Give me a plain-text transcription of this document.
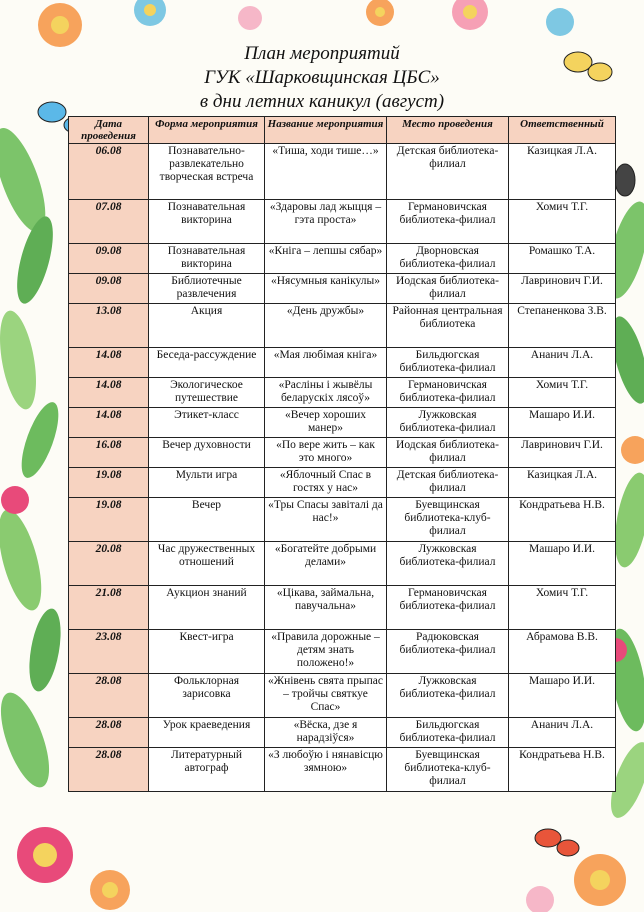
План мероприятий
ГУК «Шарковщинская ЦБС»
в дни летних каникул (август)
Дата проведения	Форма мероприятия	Название мероприятия	Место проведения	Ответственный
06.08	Познавательно-развлекательно творческая встреча	«Тиша, ходи тише…»	Детская библиотека-филиал	Казицкая Л.А.
07.08	Познавательная викторина	«Здаровы лад жыцця – гэта проста»	Германовичская библиотека-филиал	Хомич Т.Г.
09.08	Познавательная викторина	«Кніга – лепшы сябар»	Дворновская библиотека-филиал	Ромашко Т.А.
09.08	Библиотечные развлечения	«Нясумныя канікулы»	Иодская библиотека-филиал	Лавринович Г.И.
13.08	Акция	«День дружбы»	Районная центральная библиотека	Степаненкова З.В.
14.08	Беседа-рассуждение	«Мая любімая кніга»	Бильдюгская библиотека-филиал	Ананич Л.А.
14.08	Экологическое путешествие	«Расліны і жывёлы беларускіх лясоў»	Германовичская библиотека-филиал	Хомич Т.Г.
14.08	Этикет-класс	«Вечер хороших манер»	Лужковская библиотека-филиал	Машаро И.И.
16.08	Вечер духовности	«По вере жить – как это много»	Иодская библиотека-филиал	Лавринович Г.И.
19.08	Мульти игра	«Яблочный Спас в гостях у нас»	Детская библиотека-филиал	Казицкая Л.А.
19.08	Вечер	«Тры Спасы завіталі да нас!»	Буевщинская библиотека-клуб-филиал	Кондратьева Н.В.
20.08	Час дружественных отношений	«Богатейте добрыми делами»	Лужковская библиотека-филиал	Машаро И.И.
21.08	Аукцион знаний	«Цікава, займальна, павучальна»	Германовичская библиотека-филиал	Хомич Т.Г.
23.08	Квест-игра	«Правила дорожные – детям знать положено!»	Радюковская библиотека-филиал	Абрамова В.В.
28.08	Фольклорная зарисовка	«Жнівень свята прыпас – тройчы святкуе Спас»	Лужковская библиотека-филиал	Машаро И.И.
28.08	Урок краеведения	«Вёска, дзе я нарадзіўся»	Бильдюгская библиотека-филиал	Ананич Л.А.
28.08	Литературный автограф	«З любоўю і нянавісцю зямною»	Буевщинская библиотека-клуб-филиал	Кондратьева Н.В.
